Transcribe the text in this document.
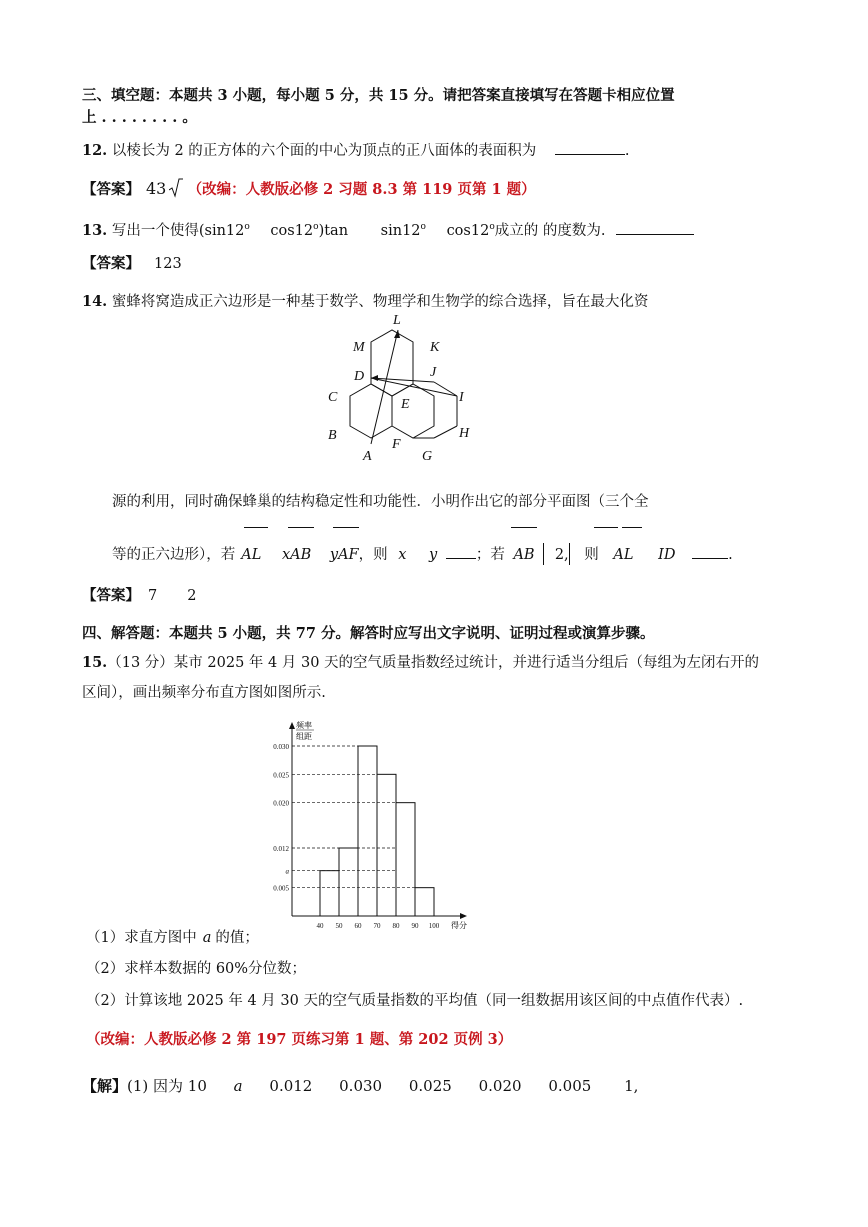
三、填空题：本题共 3 小题，每小题 5 分，共 15 分。请把答案直接填写在答题卡相应位置
上 . . . . . . . . 。
12. 以棱长为 2 的正方体的六个面的中心为顶点的正八面体的表面积为	.
【答案】 43 （改编：人教版必修 2 习题 8.3 第 119 页第 1 题）
13. 写出一个使得(sin12$^o$ cos12$^o$)tan sin12$^o$ cos12$^o$成立的 的度数为.
【答案】 123
14. 蜜蜂将窝造成正六边形是一种基于数学、物理学和生物学的综合选择，旨在最大化资
L
M	K
D	J
C	E	I
B	H
A
F
G
源的利用，同时确保蜂巢的结构稳定性和功能性．小明作出它的部分平面图（三个全
等的正六边形），若 AL xAB yAF，则 x y	；若 AB 2, 则 AL ID	.
【答案】 7 2
四、解答题：本题共 5 小题，共 77 分。解答时应写出文字说明、证明过程或演算步骤。
15.（13 分）某市 2025 年 4 月 30 天的空气质量指数经过统计，并进行适当分组后（每组为左闭右开的
区间），画出频率分布直方图如图所示.
频率
组距
得分
0.030
0.025
0.020
0.012
a
0.005
40 50 60 70 80 90 100
（1）求直方图中 a 的值；
（2）求样本数据的 60%分位数；
（2）计算该地 2025 年 4 月 30 天的空气质量指数的平均值（同一组数据用该区间的中点值作代表）.
（改编：人教版必修 2 第 197 页练习第 1 题、第 202 页例 3）
【解】(1) 因为 10 a 0.012 0.030 0.025 0.020 0.005 1,
